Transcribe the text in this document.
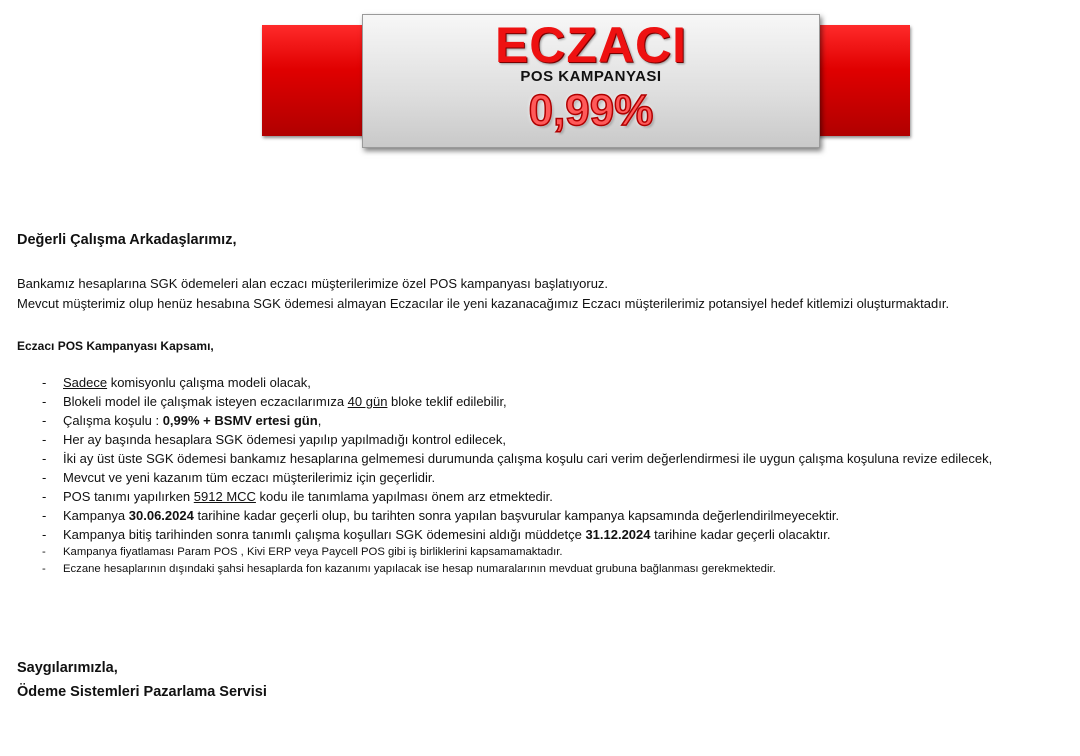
ECZACI
POS KAMPANYASI
0,99%
Değerli Çalışma Arkadaşlarımız,
Bankamız hesaplarına SGK ödemeleri alan eczacı müşterilerimize özel POS kampanyası başlatıyoruz.
Mevcut müşterimiz olup henüz hesabına SGK ödemesi almayan Eczacılar ile yeni kazanacağımız Eczacı müşterilerimiz potansiyel hedef kitlemizi oluşturmaktadır.
Eczacı POS Kampanyası Kapsamı,
- Sadece komisyonlu çalışma modeli olacak,
- Blokeli model ile çalışmak isteyen eczacılarımıza 40 gün bloke teklif edilebilir,
- Çalışma koşulu : 0,99% + BSMV ertesi gün,
- Her ay başında hesaplara SGK ödemesi yapılıp yapılmadığı kontrol edilecek,
- İki ay üst üste SGK ödemesi bankamız hesaplarına gelmemesi durumunda çalışma koşulu cari verim değerlendirmesi ile uygun çalışma koşuluna revize edilecek,
- Mevcut ve yeni kazanım tüm eczacı müşterilerimiz için geçerlidir.
- POS tanımı yapılırken 5912 MCC kodu ile tanımlama yapılması önem arz etmektedir.
- Kampanya 30.06.2024 tarihine kadar geçerli olup, bu tarihten sonra yapılan başvurular kampanya kapsamında değerlendirilmeyecektir.
- Kampanya bitiş tarihinden sonra tanımlı çalışma koşulları SGK ödemesini aldığı müddetçe 31.12.2024 tarihine kadar geçerli olacaktır.
- Kampanya fiyatlaması Param POS , Kivi ERP veya Paycell POS gibi iş birliklerini kapsamamaktadır.
- Eczane hesaplarının dışındaki şahsi hesaplarda fon kazanımı yapılacak ise hesap numaralarının mevduat grubuna bağlanması gerekmektedir.
Saygılarımızla,
Ödeme Sistemleri Pazarlama Servisi
